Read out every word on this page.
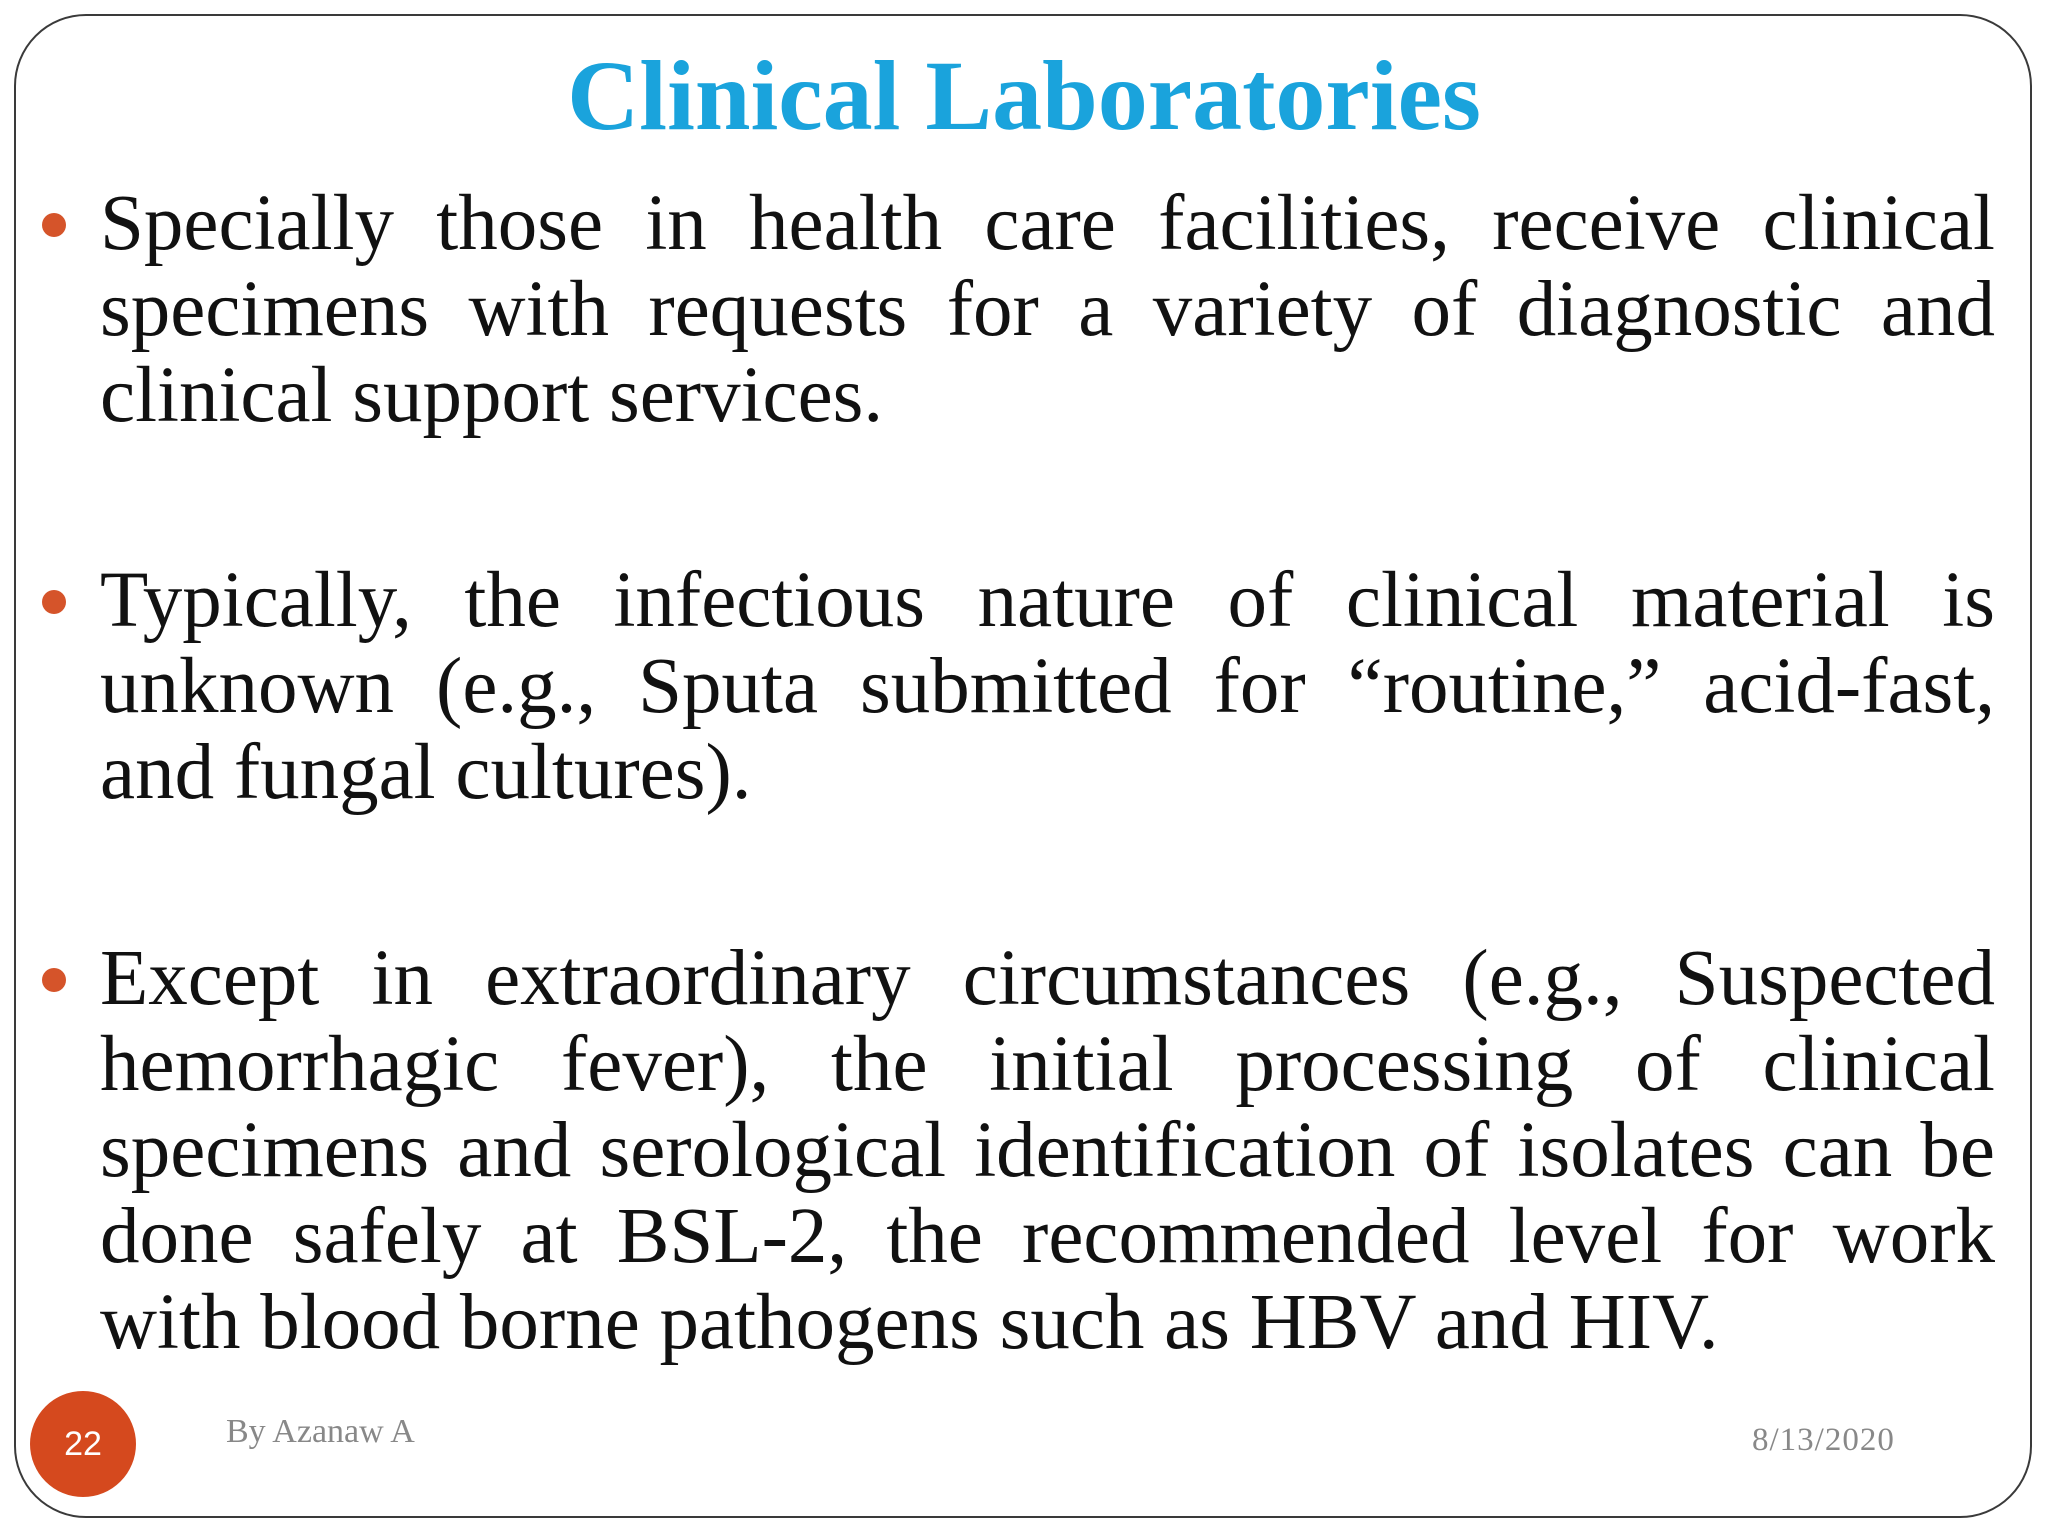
Clinical Laboratories

Specially those in health care facilities, receive clinical specimens with requests for a variety of diagnostic and clinical support services.

Typically, the infectious nature of clinical material is unknown (e.g., Sputa submitted for “routine,” acid-fast, and fungal cultures).

Except in extraordinary circumstances (e.g., Suspected hemorrhagic fever), the initial processing of clinical specimens and serological identification of isolates can be done safely at BSL-2, the recommended level for work with blood borne pathogens such as HBV and HIV.

22	By Azanaw A	8/13/2020
